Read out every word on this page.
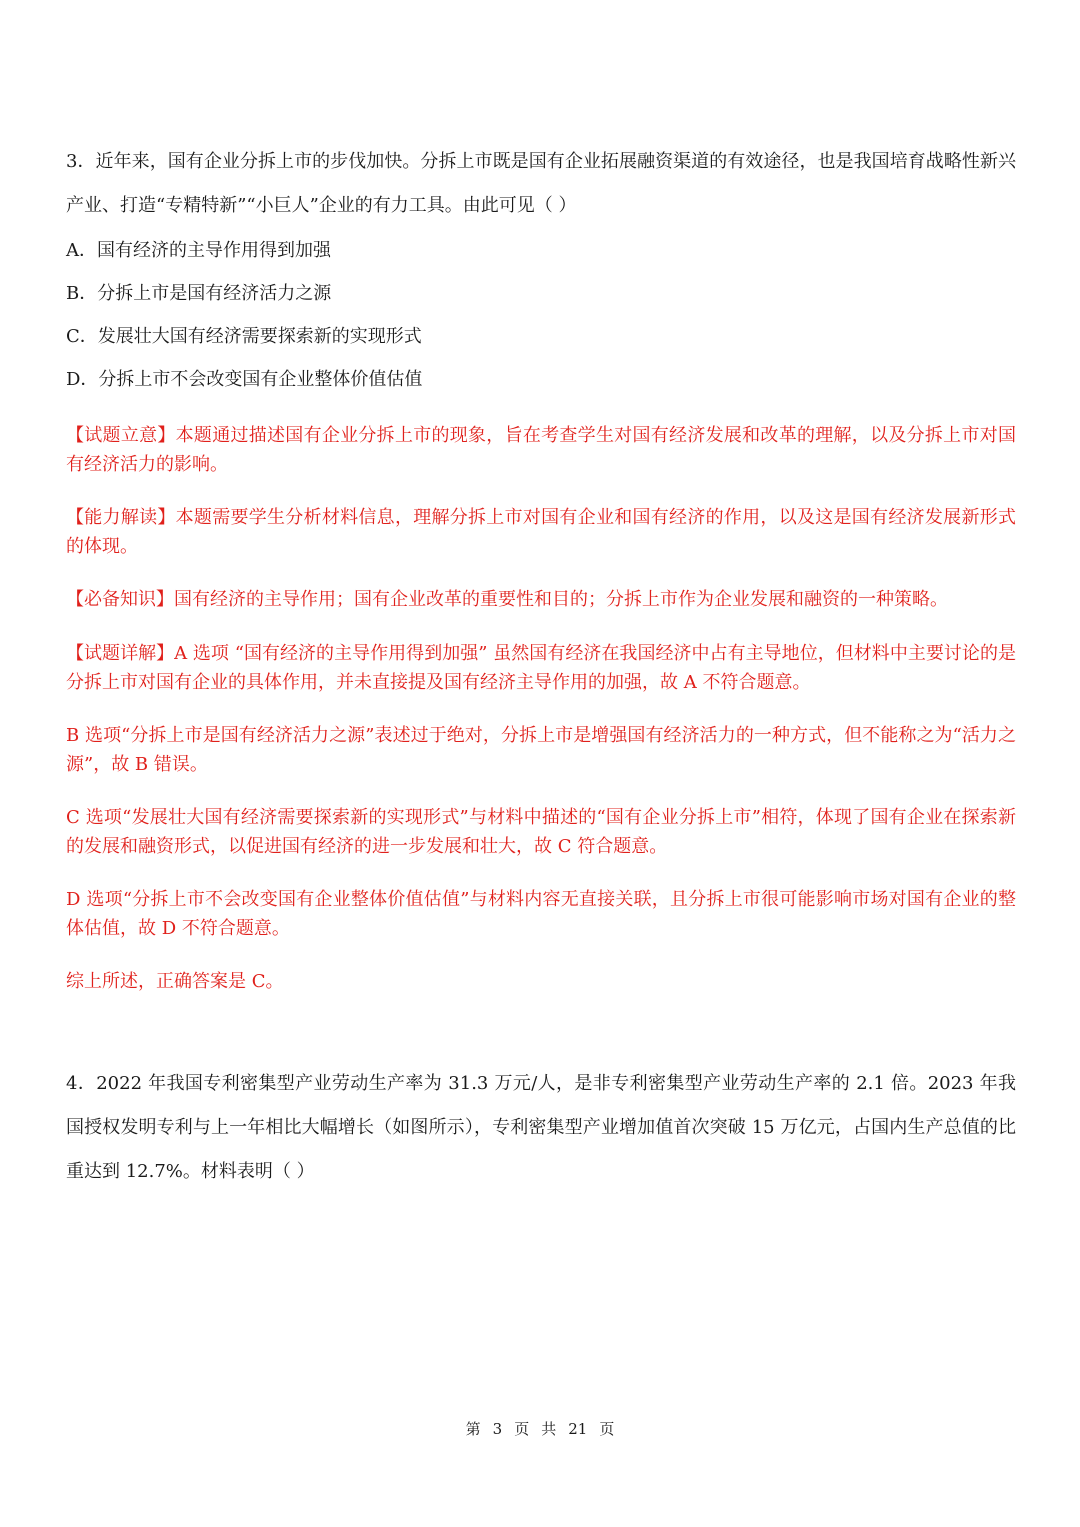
3．近年来，国有企业分拆上市的步伐加快。分拆上市既是国有企业拓展融资渠道的有效途径，也是我国培育战略性新兴产业、打造“专精特新”“小巨人”企业的有力工具。由此可见（ ）
A．国有经济的主导作用得到加强
B．分拆上市是国有经济活力之源
C．发展壮大国有经济需要探索新的实现形式
D．分拆上市不会改变国有企业整体价值估值
【试题立意】本题通过描述国有企业分拆上市的现象，旨在考查学生对国有经济发展和改革的理解，以及分拆上市对国有经济活力的影响。
【能力解读】本题需要学生分析材料信息，理解分拆上市对国有企业和国有经济的作用，以及这是国有经济发展新形式的体现。
【必备知识】国有经济的主导作用；国有企业改革的重要性和目的；分拆上市作为企业发展和融资的一种策略。
【试题详解】A 选项 “国有经济的主导作用得到加强” 虽然国有经济在我国经济中占有主导地位，但材料中主要讨论的是分拆上市对国有企业的具体作用，并未直接提及国有经济主导作用的加强，故 A 不符合题意。
B 选项“分拆上市是国有经济活力之源”表述过于绝对，分拆上市是增强国有经济活力的一种方式，但不能称之为“活力之源”，故 B 错误。
C 选项“发展壮大国有经济需要探索新的实现形式”与材料中描述的“国有企业分拆上市”相符，体现了国有企业在探索新的发展和融资形式，以促进国有经济的进一步发展和壮大，故 C 符合题意。
D 选项“分拆上市不会改变国有企业整体价值估值”与材料内容无直接关联，且分拆上市很可能影响市场对国有企业的整体估值，故 D 不符合题意。
综上所述，正确答案是 C。
4．2022 年我国专利密集型产业劳动生产率为 31.3 万元/人，是非专利密集型产业劳动生产率的 2.1 倍。2023 年我国授权发明专利与上一年相比大幅增长（如图所示），专利密集型产业增加值首次突破 15 万亿元，占国内生产总值的比重达到 12.7%。材料表明（ ）
第 3 页 共 21 页
